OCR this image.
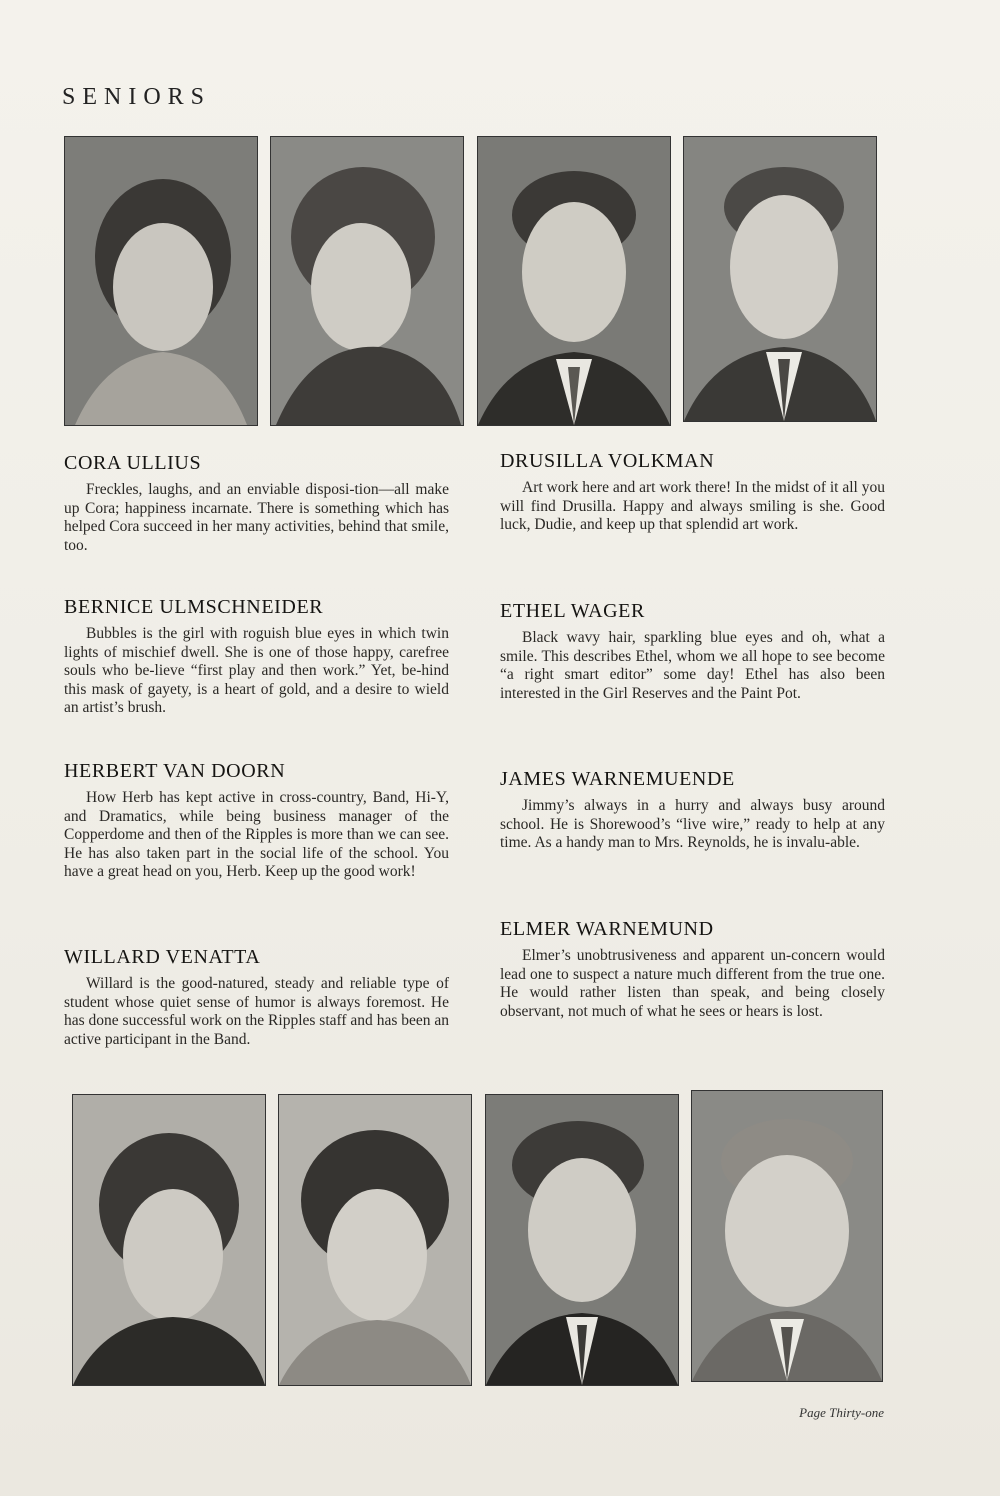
SENIORS
CORA ULLIUS

Freckles, laughs, and an enviable disposi-tion—all make up Cora; happiness incarnate. There is something which has helped Cora succeed in her many activities, behind that smile, too.

BERNICE ULMSCHNEIDER

Bubbles is the girl with roguish blue eyes in which twin lights of mischief dwell. She is one of those happy, carefree souls who be-lieve “first play and then work.” Yet, be-hind this mask of gayety, is a heart of gold, and a desire to wield an artist’s brush.

HERBERT VAN DOORN

How Herb has kept active in cross-country, Band, Hi-Y, and Dramatics, while being business manager of the Copperdome and then of the Ripples is more than we can see. He has also taken part in the social life of the school. You have a great head on you, Herb. Keep up the good work!

WILLARD VENATTA

Willard is the good-natured, steady and reliable type of student whose quiet sense of humor is always foremost. He has done successful work on the Ripples staff and has been an active participant in the Band.

DRUSILLA VOLKMAN

Art work here and art work there! In the midst of it all you will find Drusilla. Happy and always smiling is she. Good luck, Dudie, and keep up that splendid art work.

ETHEL WAGER

Black wavy hair, sparkling blue eyes and oh, what a smile. This describes Ethel, whom we all hope to see become “a right smart editor” some day! Ethel has also been interested in the Girl Reserves and the Paint Pot.

JAMES WARNEMUENDE

Jimmy’s always in a hurry and always busy around school. He is Shorewood’s “live wire,” ready to help at any time. As a handy man to Mrs. Reynolds, he is invalu-able.

ELMER WARNEMUND

Elmer’s unobtrusiveness and apparent un-concern would lead one to suspect a nature much different from the true one. He would rather listen than speak, and being closely observant, not much of what he sees or hears is lost.

Page Thirty-one
